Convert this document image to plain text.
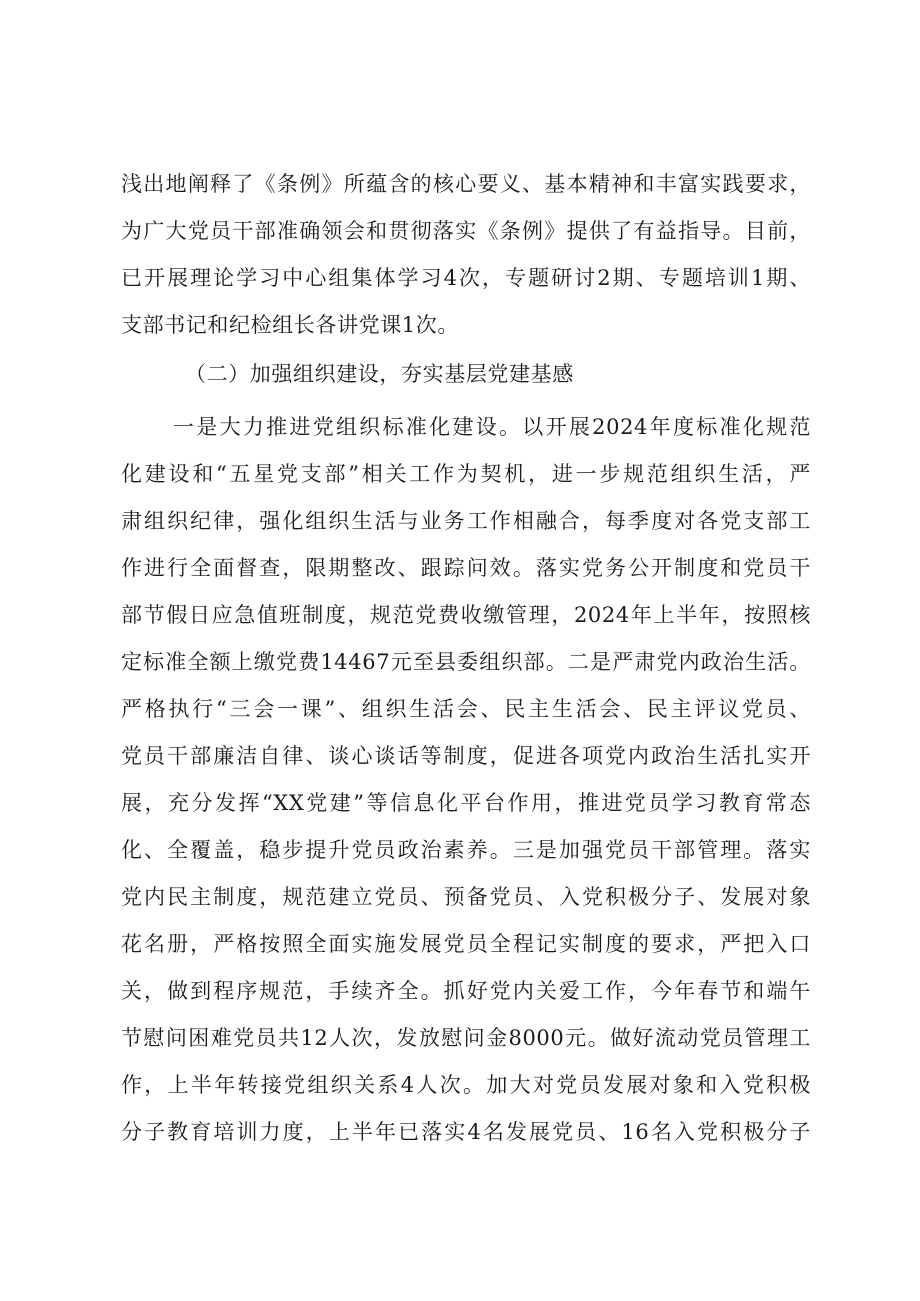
浅出地阐释了《条例》所蕴含的核心要义、基本精神和丰富实践要求，
为广大党员干部准确领会和贯彻落实《条例》提供了有益指导。目前，
已开展理论学习中心组集体学习4次，专题研讨2期、专题培训1期、
支部书记和纪检组长各讲党课1次。
（二）加强组织建设，夯实基层党建基感
一是大力推进党组织标准化建设。以开展2024年度标准化规范
化建设和“五星党支部”相关工作为契机，进一步规范组织生活，严
肃组织纪律，强化组织生活与业务工作相融合，每季度对各党支部工
作进行全面督查，限期整改、跟踪问效。落实党务公开制度和党员干
部节假日应急值班制度，规范党费收缴管理，2024年上半年，按照核
定标准全额上缴党费14467元至县委组织部。二是严肃党内政治生活。
严格执行“三会一课”、组织生活会、民主生活会、民主评议党员、
党员干部廉洁自律、谈心谈话等制度，促进各项党内政治生活扎实开
展，充分发挥“XX党建”等信息化平台作用，推进党员学习教育常态
化、全覆盖，稳步提升党员政治素养。三是加强党员干部管理。落实
党内民主制度，规范建立党员、预备党员、入党积极分子、发展对象
花名册，严格按照全面实施发展党员全程记实制度的要求，严把入口
关，做到程序规范，手续齐全。抓好党内关爱工作，今年春节和端午
节慰问困难党员共12人次，发放慰问金8000元。做好流动党员管理工
作，上半年转接党组织关系4人次。加大对党员发展对象和入党积极
分子教育培训力度，上半年已落实4名发展党员、16名入党积极分子
